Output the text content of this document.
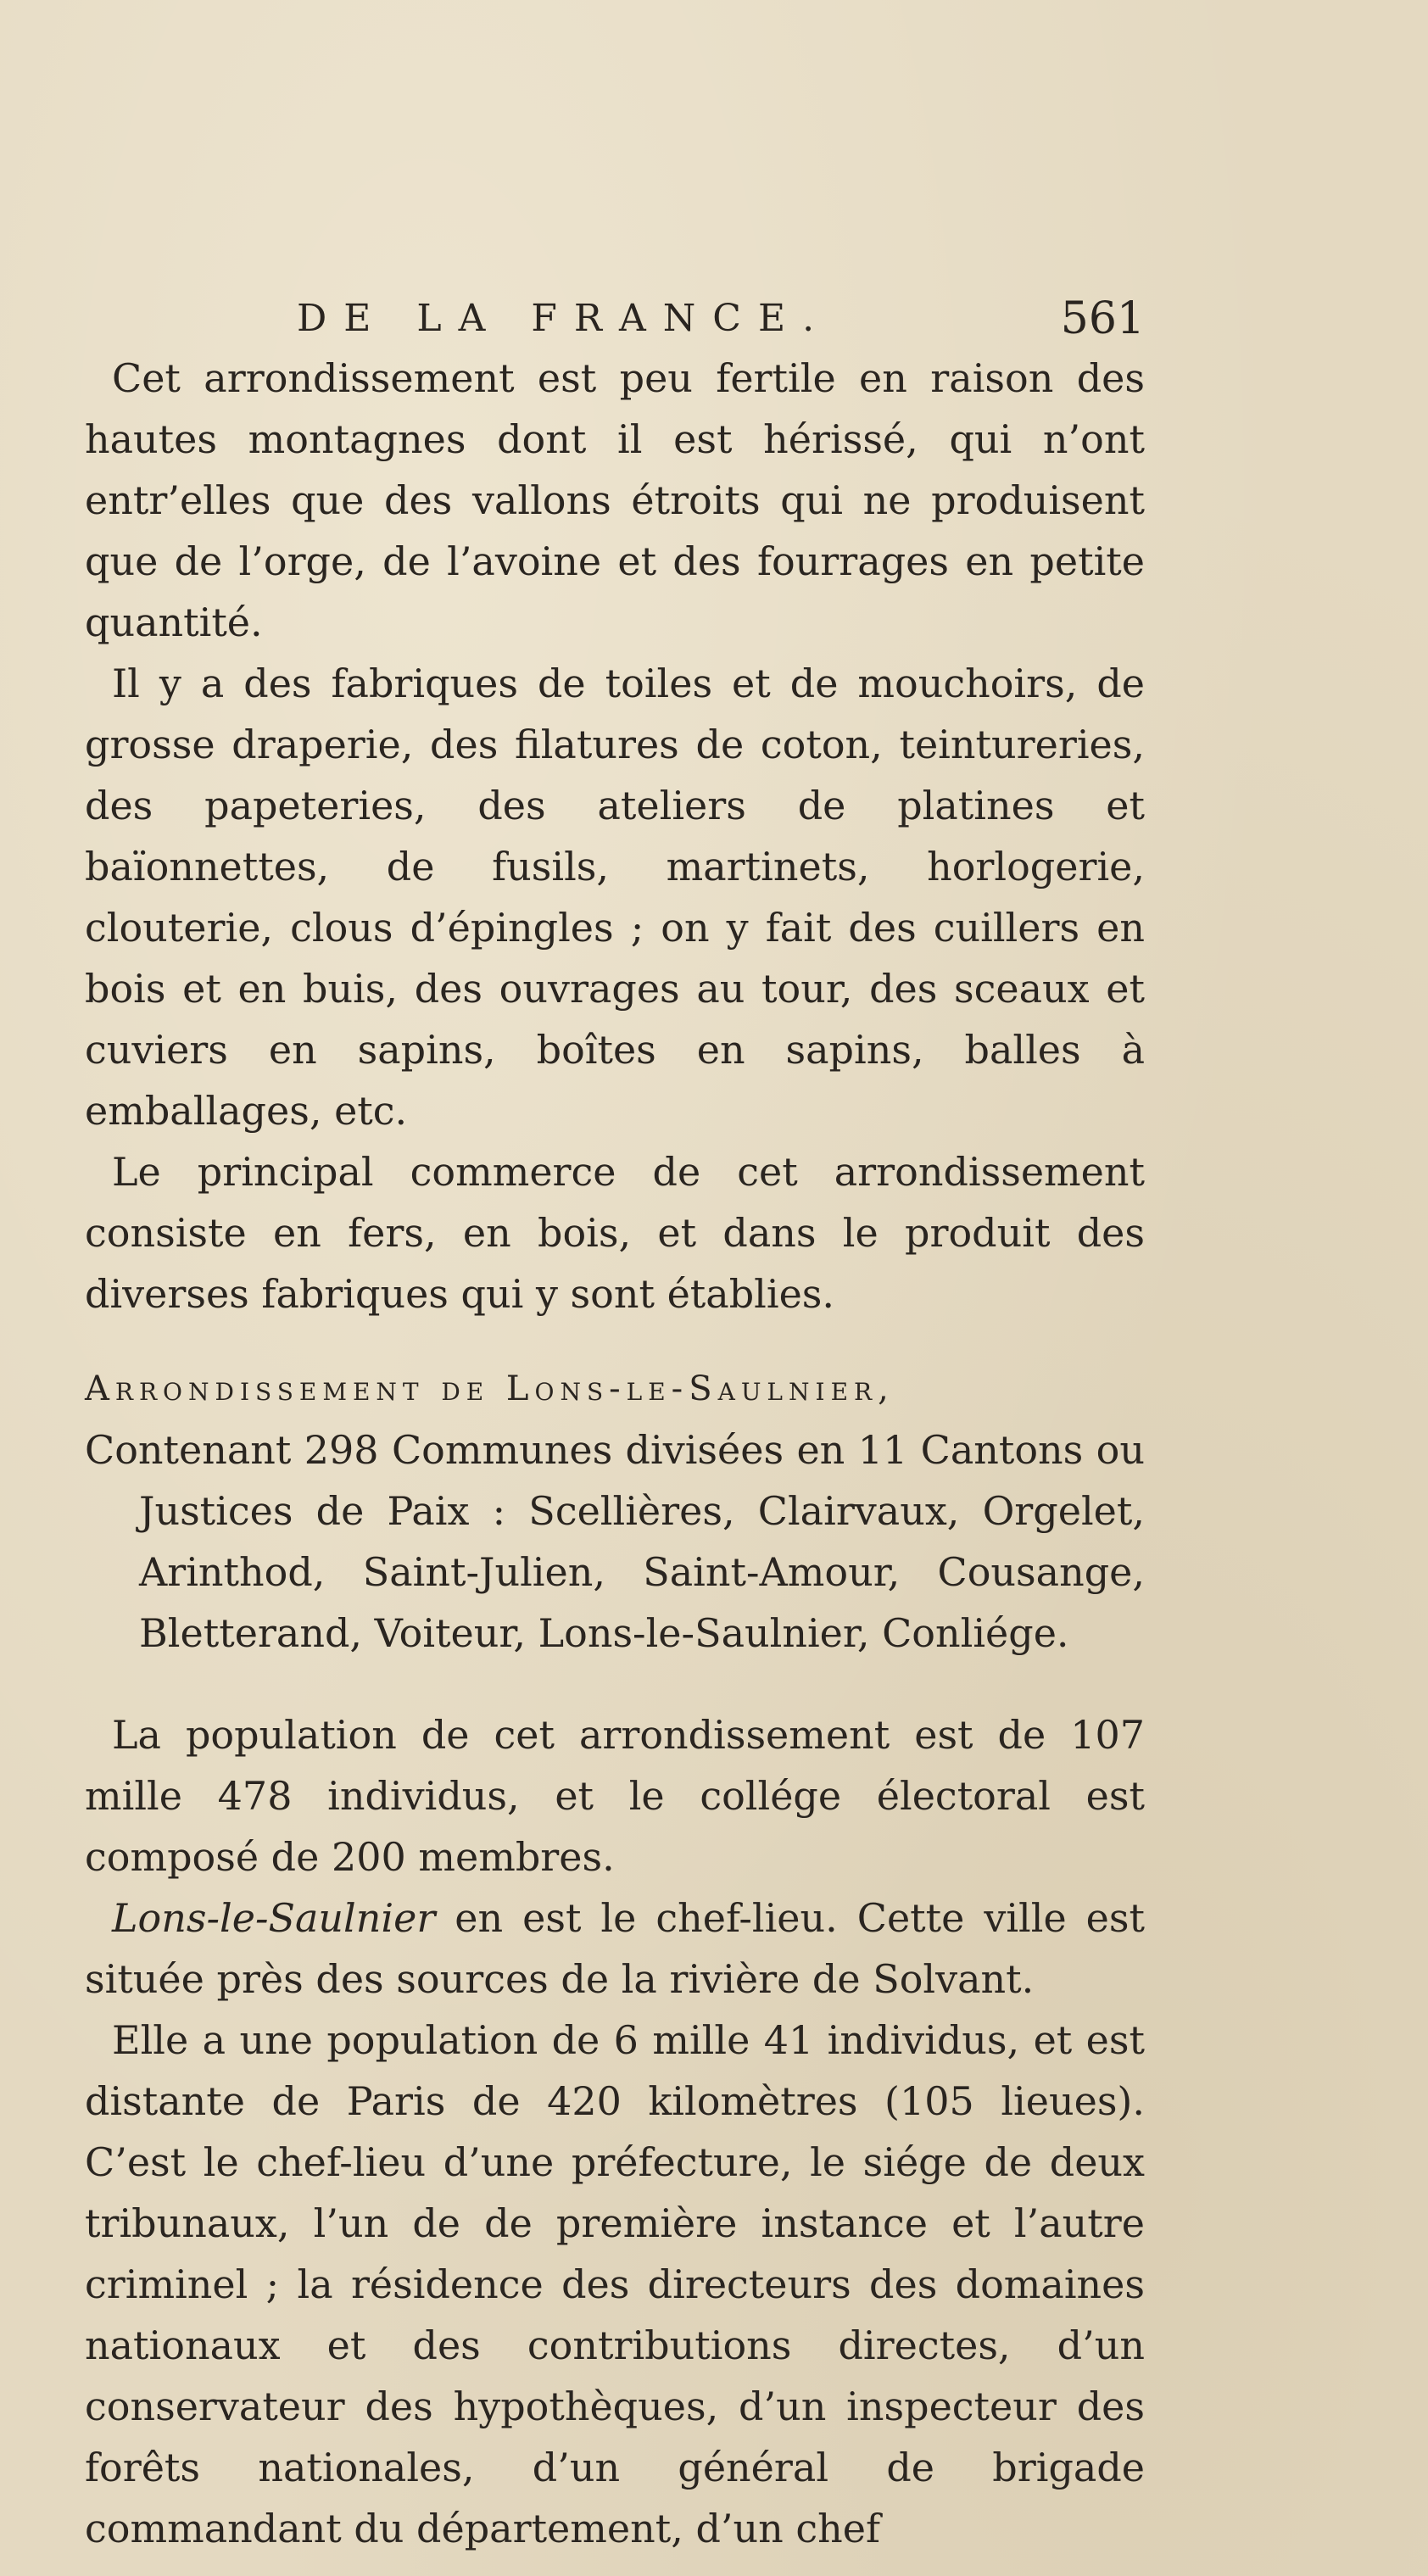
DE LA FRANCE.	561

Cet arrondissement est peu fertile en raison des hautes montagnes dont il est hérissé, qui n’ont entr’elles que des vallons étroits qui ne produisent que de l’orge, de l’avoine et des fourrages en petite quantité.

Il y a des fabriques de toiles et de mouchoirs, de grosse draperie, des filatures de coton, teintureries, des papeteries, des ateliers de platines et baïonnettes, de fusils, martinets, horlogerie, clouterie, clous d’épingles ; on y fait des cuillers en bois et en buis, des ouvrages au tour, des sceaux et cuviers en sapins, boîtes en sapins, balles à emballages, etc.

Le principal commerce de cet arrondissement consiste en fers, en bois, et dans le produit des diverses fabriques qui y sont établies.

Arrondissement de Lons-le-Saulnier,

Contenant 298 Communes divisées en 11 Cantons ou Justices de Paix : Scellières, Clairvaux, Orgelet, Arinthod, Saint-Julien, Saint-Amour, Cousange, Bletterand, Voiteur, Lons-le-Saulnier, Conliége.

La population de cet arrondissement est de 107 mille 478 individus, et le collége électoral est composé de 200 membres.

Lons-le-Saulnier en est le chef-lieu. Cette ville est située près des sources de la rivière de Solvant.

Elle a une population de 6 mille 41 individus, et est distante de Paris de 420 kilomètres (105 lieues). C’est le chef-lieu d’une préfecture, le siége de deux tribunaux, l’un de de première instance et l’autre criminel ; la résidence des directeurs des domaines nationaux et des contributions directes, d’un conservateur des hypothèques, d’un inspecteur des forêts nationales, d’un général de brigade commandant du département, d’un chef
